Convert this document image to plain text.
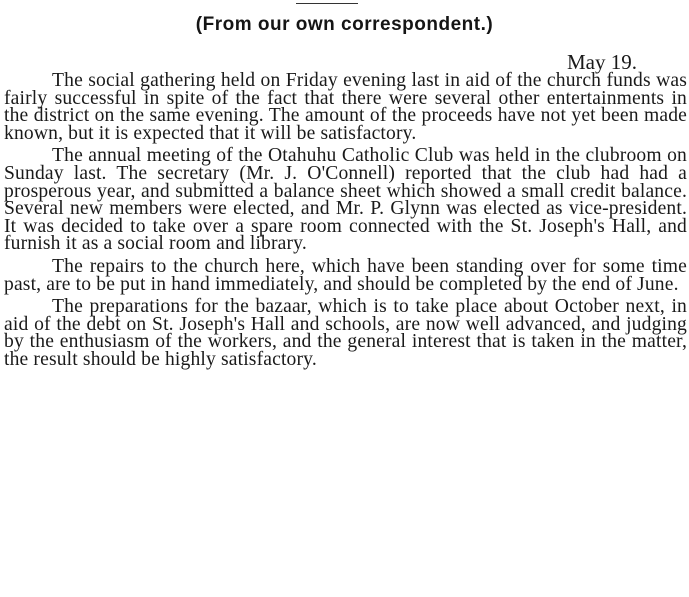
(From our own correspondent.)
May 19.

The social gathering held on Friday evening last in aid of the church funds was fairly successful in spite of the fact that there were several other entertainments in the district on the same evening. The amount of the proceeds have not yet been made known, but it is expected that it will be satisfactory.

The annual meeting of the Otahuhu Catholic Club was held in the clubroom on Sunday last. The secretary (Mr. J. O'Connell) reported that the club had had a prosperous year, and submitted a balance sheet which showed a small credit balance. Several new members were elected, and Mr. P. Glynn was elected as vice-president. It was decided to take over a spare room connected with the St. Joseph's Hall, and furnish it as a social room and library.

The repairs to the church here, which have been standing over for some time past, are to be put in hand immediately, and should be completed by the end of June.

The preparations for the bazaar, which is to take place about October next, in aid of the debt on St. Joseph's Hall and schools, are now well advanced, and judging by the enthusiasm of the workers, and the general interest that is taken in the matter, the result should be highly satisfactory.
